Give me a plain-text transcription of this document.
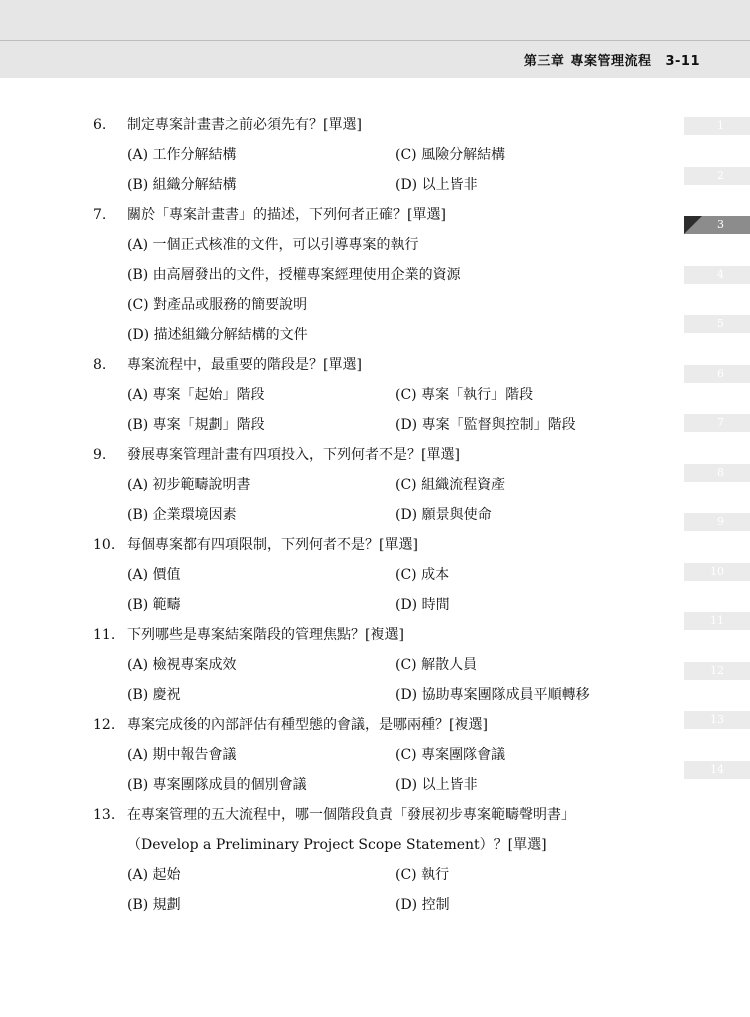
第三章 專案管理流程 3-11
1
2
3
4
5
6
7
8
9
10
11
12
13
14
6.	制定專案計畫書之前必須先有？[單選]
(A) 工作分解結構	(C) 風險分解結構
(B) 組織分解結構	(D) 以上皆非
7.	關於「專案計畫書」的描述，下列何者正確？[單選]
(A) 一個正式核准的文件，可以引導專案的執行
(B) 由高層發出的文件，授權專案經理使用企業的資源
(C) 對產品或服務的簡要說明
(D) 描述組織分解結構的文件
8.	專案流程中，最重要的階段是？[單選]
(A) 專案「起始」階段	(C) 專案「執行」階段
(B) 專案「規劃」階段	(D) 專案「監督與控制」階段
9.	發展專案管理計畫有四項投入，下列何者不是？[單選]
(A) 初步範疇說明書	(C) 組織流程資產
(B) 企業環境因素	(D) 願景與使命
10. 每個專案都有四項限制，下列何者不是？[單選]
(A) 價值	(C) 成本
(B) 範疇	(D) 時間
11. 下列哪些是專案結案階段的管理焦點？[複選]
(A) 檢視專案成效	(C) 解散人員
(B) 慶祝	(D) 協助專案團隊成員平順轉移
12. 專案完成後的內部評估有種型態的會議，是哪兩種？[複選]
(A) 期中報告會議	(C) 專案團隊會議
(B) 專案團隊成員的個別會議	(D) 以上皆非
13. 在專案管理的五大流程中，哪一個階段負責「發展初步專案範疇聲明書」
（Develop a Preliminary Project Scope Statement）？[單選]
(A) 起始	(C) 執行
(B) 規劃	(D) 控制
